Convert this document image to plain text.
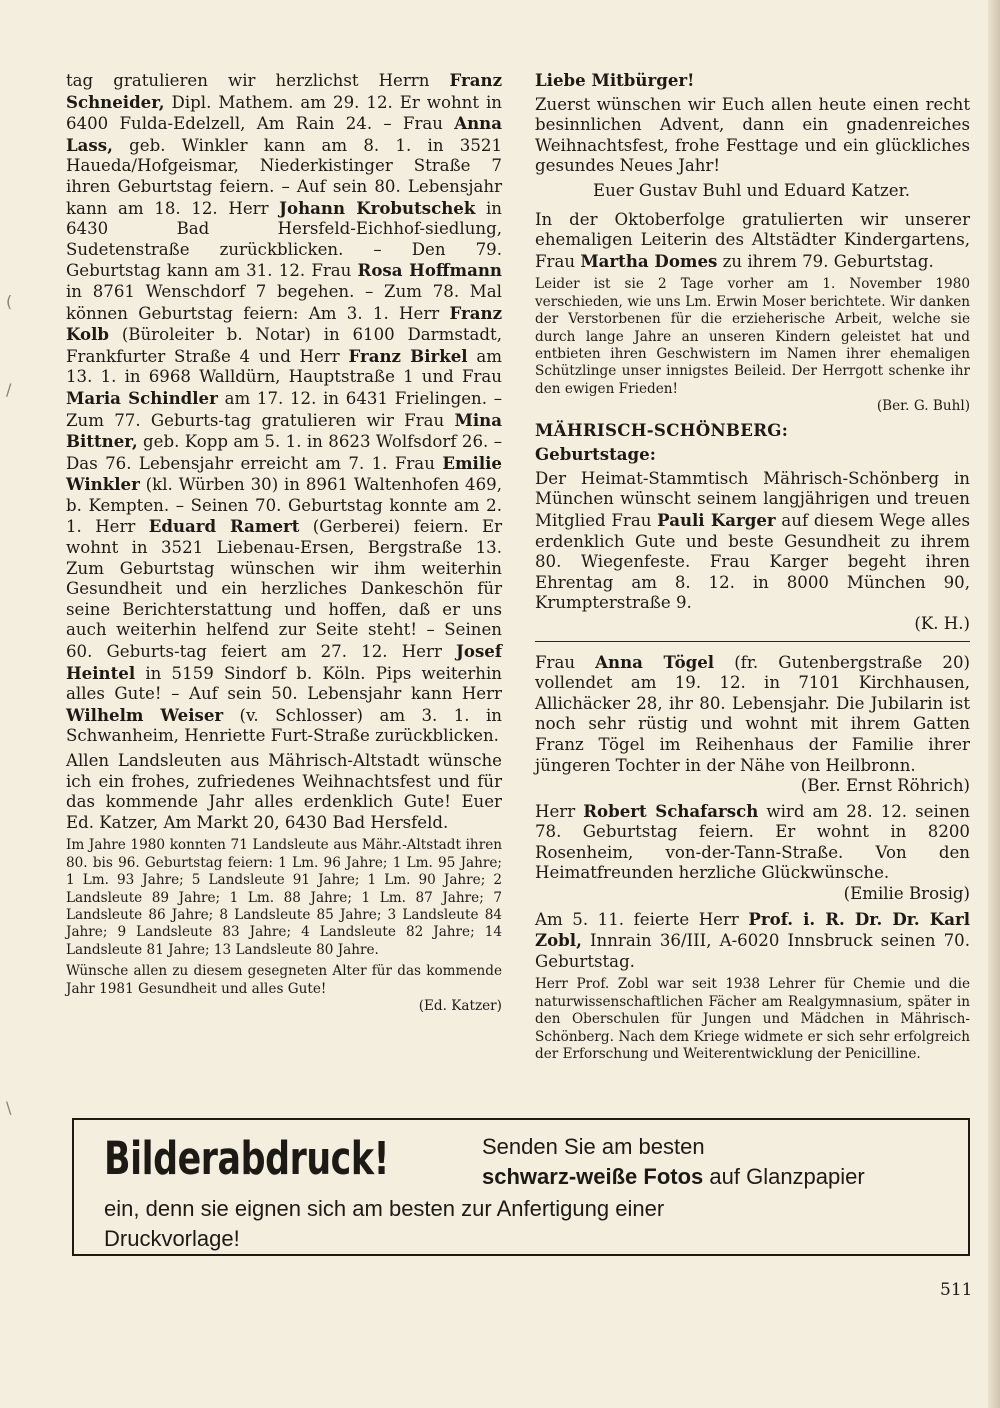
(
/
\

tag gratulieren wir herzlichst Herrn Franz Schneider, Dipl. Mathem. am 29. 12. Er wohnt in 6400 Fulda-Edelzell, Am Rain 24. – Frau Anna Lass, geb. Winkler kann am 8. 1. in 3521 Haueda/Hofgeismar, Niederkistinger Straße 7 ihren Geburtstag feiern. – Auf sein 80. Lebensjahr kann am 18. 12. Herr Johann Krobutschek in 6430 Bad Hersfeld-Eichhof-siedlung, Sudetenstraße zurückblicken. – Den 79. Geburtstag kann am 31. 12. Frau Rosa Hoffmann in 8761 Wenschdorf 7 begehen. – Zum 78. Mal können Geburtstag feiern: Am 3. 1. Herr Franz Kolb (Büroleiter b. Notar) in 6100 Darmstadt, Frankfurter Straße 4 und Herr Franz Birkel am 13. 1. in 6968 Walldürn, Hauptstraße 1 und Frau Maria Schindler am 17. 12. in 6431 Frielingen. – Zum 77. Geburts-tag gratulieren wir Frau Mina Bittner, geb. Kopp am 5. 1. in 8623 Wolfsdorf 26. – Das 76. Lebensjahr erreicht am 7. 1. Frau Emilie Winkler (kl. Würben 30) in 8961 Waltenhofen 469, b. Kempten. – Seinen 70. Geburtstag konnte am 2. 1. Herr Eduard Ramert (Gerberei) feiern. Er wohnt in 3521 Liebenau-Ersen, Bergstraße 13. Zum Geburtstag wünschen wir ihm weiterhin Gesundheit und ein herzliches Dankeschön für seine Berichterstattung und hoffen, daß er uns auch weiterhin helfend zur Seite steht! – Seinen 60. Geburts-tag feiert am 27. 12. Herr Josef Heintel in 5159 Sindorf b. Köln. Pips weiterhin alles Gute! – Auf sein 50. Lebensjahr kann Herr Wilhelm Weiser (v. Schlosser) am 3. 1. in Schwanheim, Henriette Furt-Straße zurückblicken.

Allen Landsleuten aus Mährisch-Altstadt wünsche ich ein frohes, zufriedenes Weihnachtsfest und für das kommende Jahr alles erdenklich Gute! Euer Ed. Katzer, Am Markt 20, 6430 Bad Hersfeld.

Im Jahre 1980 konnten 71 Landsleute aus Mähr.-Altstadt ihren 80. bis 96. Geburtstag feiern: 1 Lm. 96 Jahre; 1 Lm. 95 Jahre; 1 Lm. 93 Jahre; 5 Landsleute 91 Jahre; 1 Lm. 90 Jahre; 2 Landsleute 89 Jahre; 1 Lm. 88 Jahre; 1 Lm. 87 Jahre; 7 Landsleute 86 Jahre; 8 Landsleute 85 Jahre; 3 Landsleute 84 Jahre; 9 Landsleute 83 Jahre; 4 Landsleute 82 Jahre; 14 Landsleute 81 Jahre; 13 Landsleute 80 Jahre.

Wünsche allen zu diesem gesegneten Alter für das kommende Jahr 1981 Gesundheit und alles Gute!
(Ed. Katzer)

Liebe Mitbürger!

Zuerst wünschen wir Euch allen heute einen recht besinnlichen Advent, dann ein gnadenreiches Weihnachtsfest, frohe Festtage und ein glückliches gesundes Neues Jahr!

Euer Gustav Buhl und Eduard Katzer.

In der Oktoberfolge gratulierten wir unserer ehemaligen Leiterin des Altstädter Kindergartens, Frau Martha Domes zu ihrem 79. Geburtstag.

Leider ist sie 2 Tage vorher am 1. November 1980 verschieden, wie uns Lm. Erwin Moser berichtete. Wir danken der Verstorbenen für die erzieherische Arbeit, welche sie durch lange Jahre an unseren Kindern geleistet hat und entbieten ihren Geschwistern im Namen ihrer ehemaligen Schützlinge unser innigstes Beileid. Der Herrgott schenke ihr den ewigen Frieden!
(Ber. G. Buhl)

MÄHRISCH-SCHÖNBERG:

Geburtstage:

Der Heimat-Stammtisch Mährisch-Schönberg in München wünscht seinem langjährigen und treuen Mitglied Frau Pauli Karger auf diesem Wege alles erdenklich Gute und beste Gesundheit zu ihrem 80. Wiegenfeste. Frau Karger begeht ihren Ehrentag am 8. 12. in 8000 München 90, Krumpterstraße 9.
(K. H.)

Frau Anna Tögel (fr. Gutenbergstraße 20) vollendet am 19. 12. in 7101 Kirchhausen, Allichäcker 28, ihr 80. Lebensjahr. Die Jubilarin ist noch sehr rüstig und wohnt mit ihrem Gatten Franz Tögel im Reihenhaus der Familie ihrer jüngeren Tochter in der Nähe von Heilbronn.
(Ber. Ernst Röhrich)

Herr Robert Schafarsch wird am 28. 12. seinen 78. Geburtstag feiern. Er wohnt in 8200 Rosenheim, von-der-Tann-Straße. Von den Heimatfreunden herzliche Glückwünsche.
(Emilie Brosig)

Am 5. 11. feierte Herr Prof. i. R. Dr. Dr. Karl Zobl, Innrain 36/III, A-6020 Innsbruck seinen 70. Geburtstag.

Herr Prof. Zobl war seit 1938 Lehrer für Chemie und die naturwissenschaftlichen Fächer am Realgymnasium, später in den Oberschulen für Jungen und Mädchen in Mährisch-Schönberg. Nach dem Kriege widmete er sich sehr erfolgreich der Erforschung und Weiterentwicklung der Penicilline.

Bilderabdruck!	Senden Sie am besten
schwarz-weiße Fotos auf Glanzpapier
ein, denn sie eignen sich am besten zur Anfertigung einer
Druckvorlage!
511
